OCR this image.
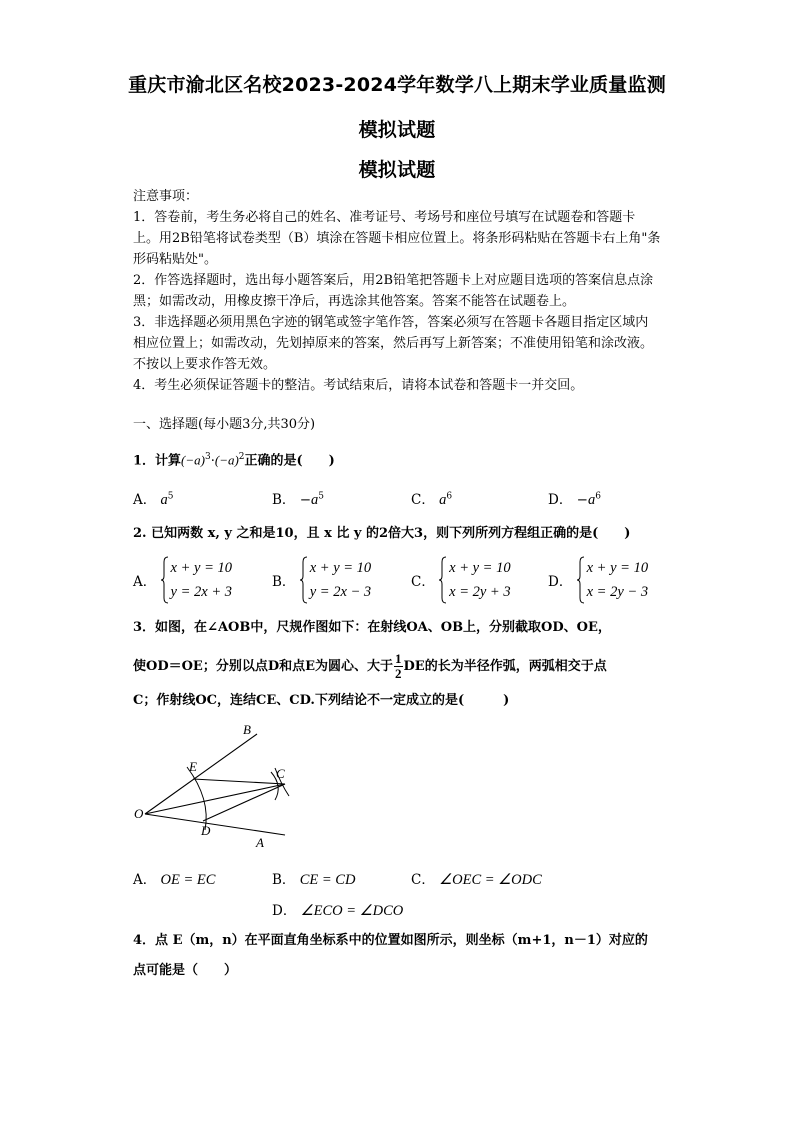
重庆市渝北区名校2023-2024学年数学八上期末学业质量监测
模拟试题
模拟试题
注意事项：
1．答卷前，考生务必将自己的姓名、准考证号、考场号和座位号填写在试题卷和答题卡上。用2B铅笔将试卷类型（B）填涂在答题卡相应位置上。将条形码粘贴在答题卡右上角"条形码粘贴处"。
2．作答选择题时，选出每小题答案后，用2B铅笔把答题卡上对应题目选项的答案信息点涂黑；如需改动，用橡皮擦干净后，再选涂其他答案。答案不能答在试题卷上。
3．非选择题必须用黑色字迹的钢笔或签字笔作答，答案必须写在答题卡各题目指定区域内相应位置上；如需改动，先划掉原来的答案，然后再写上新答案；不准使用铅笔和涂改液。不按以上要求作答无效。
4．考生必须保证答题卡的整洁。考试结束后，请将本试卷和答题卡一并交回。
一、选择题(每小题3分,共30分)
1．计算$(-a)^3\cdot(-a)^2$正确的是(　　)
A． $a^5$	B． $-a^5$	C． $a^6$	D． $-a^6$
2. 已知两数 x, y 之和是10，且 x 比 y 的2倍大3，则下列所列方程组正确的是(　　)
A．
x + y = 10
y = 2x + 3
B．
x + y = 10
y = 2x − 3
C．
x + y = 10
x = 2y + 3
D．
x + y = 10
x = 2y − 3
3．如图，在∠AOB中，尺规作图如下：在射线OA、OB上，分别截取OD、OE，
使OD＝OE；分别以点D和点E为圆心、大于 $\frac{1}{2}$ DE的长为半径作弧，两弧相交于点
C；作射线OC，连结CE、CD.下列结论不一定成立的是(　　　)
B
E	C
O
D
A
A． OE = EC	B． CE = CD	C． ∠OEC = ∠ODC
D． ∠ECO = ∠DCO
4．点 E（m，n）在平面直角坐标系中的位置如图所示，则坐标（m+1，n－1）对应的
点可能是（　　）
